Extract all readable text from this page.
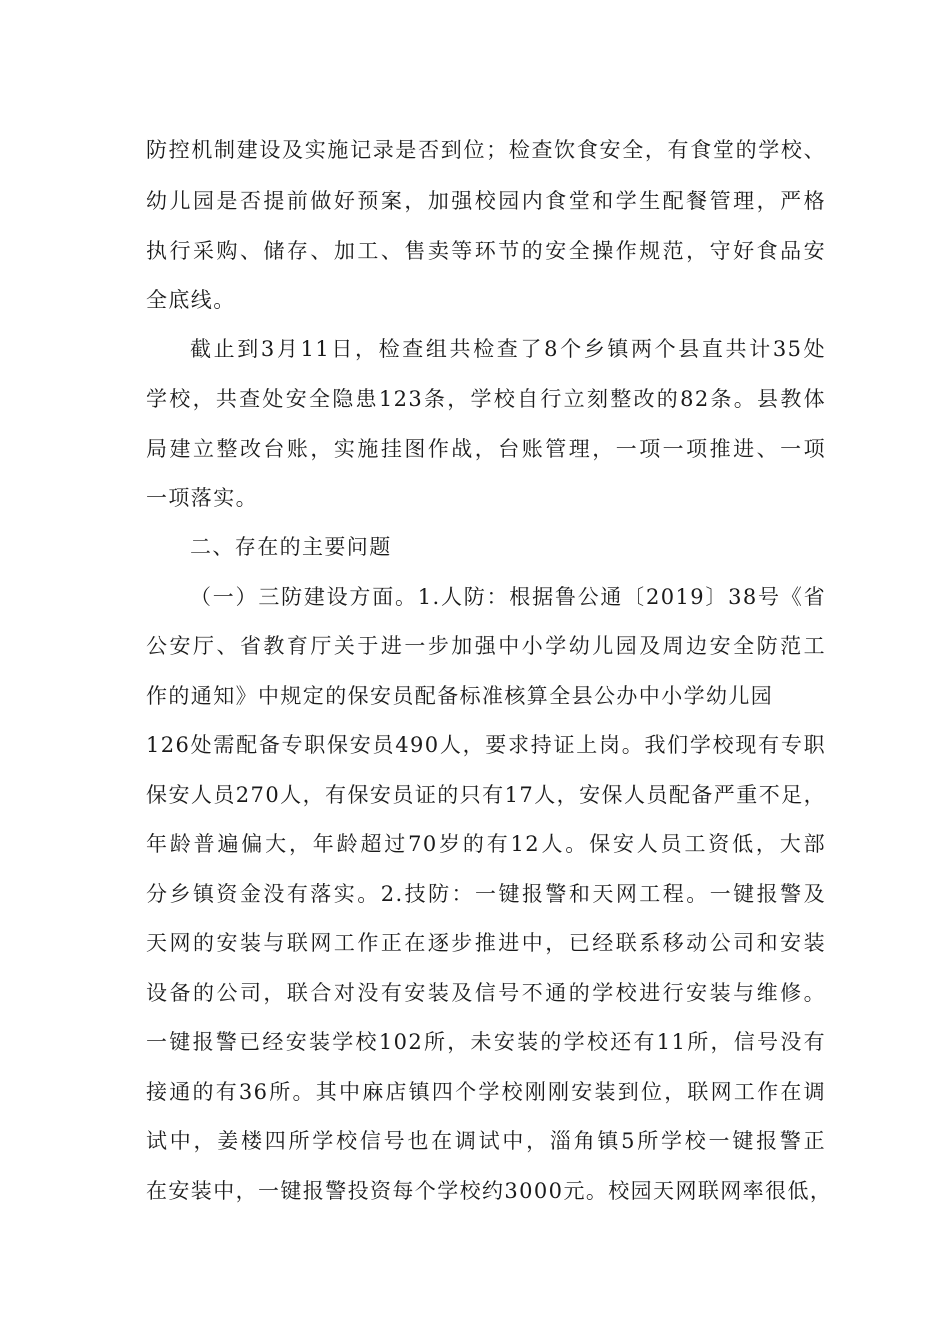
防控机制建设及实施记录是否到位；检查饮食安全，有食堂的学校、
幼儿园是否提前做好预案，加强校园内食堂和学生配餐管理，严格
执行采购、储存、加工、售卖等环节的安全操作规范，守好食品安
全底线。
截止到3月11日，检查组共检查了8个乡镇两个县直共计35处
学校，共查处安全隐患123条，学校自行立刻整改的82条。县教体
局建立整改台账，实施挂图作战，台账管理，一项一项推进、一项
一项落实。
二、存在的主要问题
（一）三防建设方面。1.人防：根据鲁公通〔2019〕38号《省
公安厅、省教育厅关于进一步加强中小学幼儿园及周边安全防范工
作的通知》中规定的保安员配备标准核算全县公办中小学幼儿园
126处需配备专职保安员490人，要求持证上岗。我们学校现有专职
保安人员270人，有保安员证的只有17人，安保人员配备严重不足，
年龄普遍偏大，年龄超过70岁的有12人。保安人员工资低，大部
分乡镇资金没有落实。2.技防：一键报警和天网工程。一键报警及
天网的安装与联网工作正在逐步推进中，已经联系移动公司和安装
设备的公司，联合对没有安装及信号不通的学校进行安装与维修。
一键报警已经安装学校102所，未安装的学校还有11所，信号没有
接通的有36所。其中麻店镇四个学校刚刚安装到位，联网工作在调
试中，姜楼四所学校信号也在调试中，淄角镇5所学校一键报警正
在安装中，一键报警投资每个学校约3000元。校园天网联网率很低，
